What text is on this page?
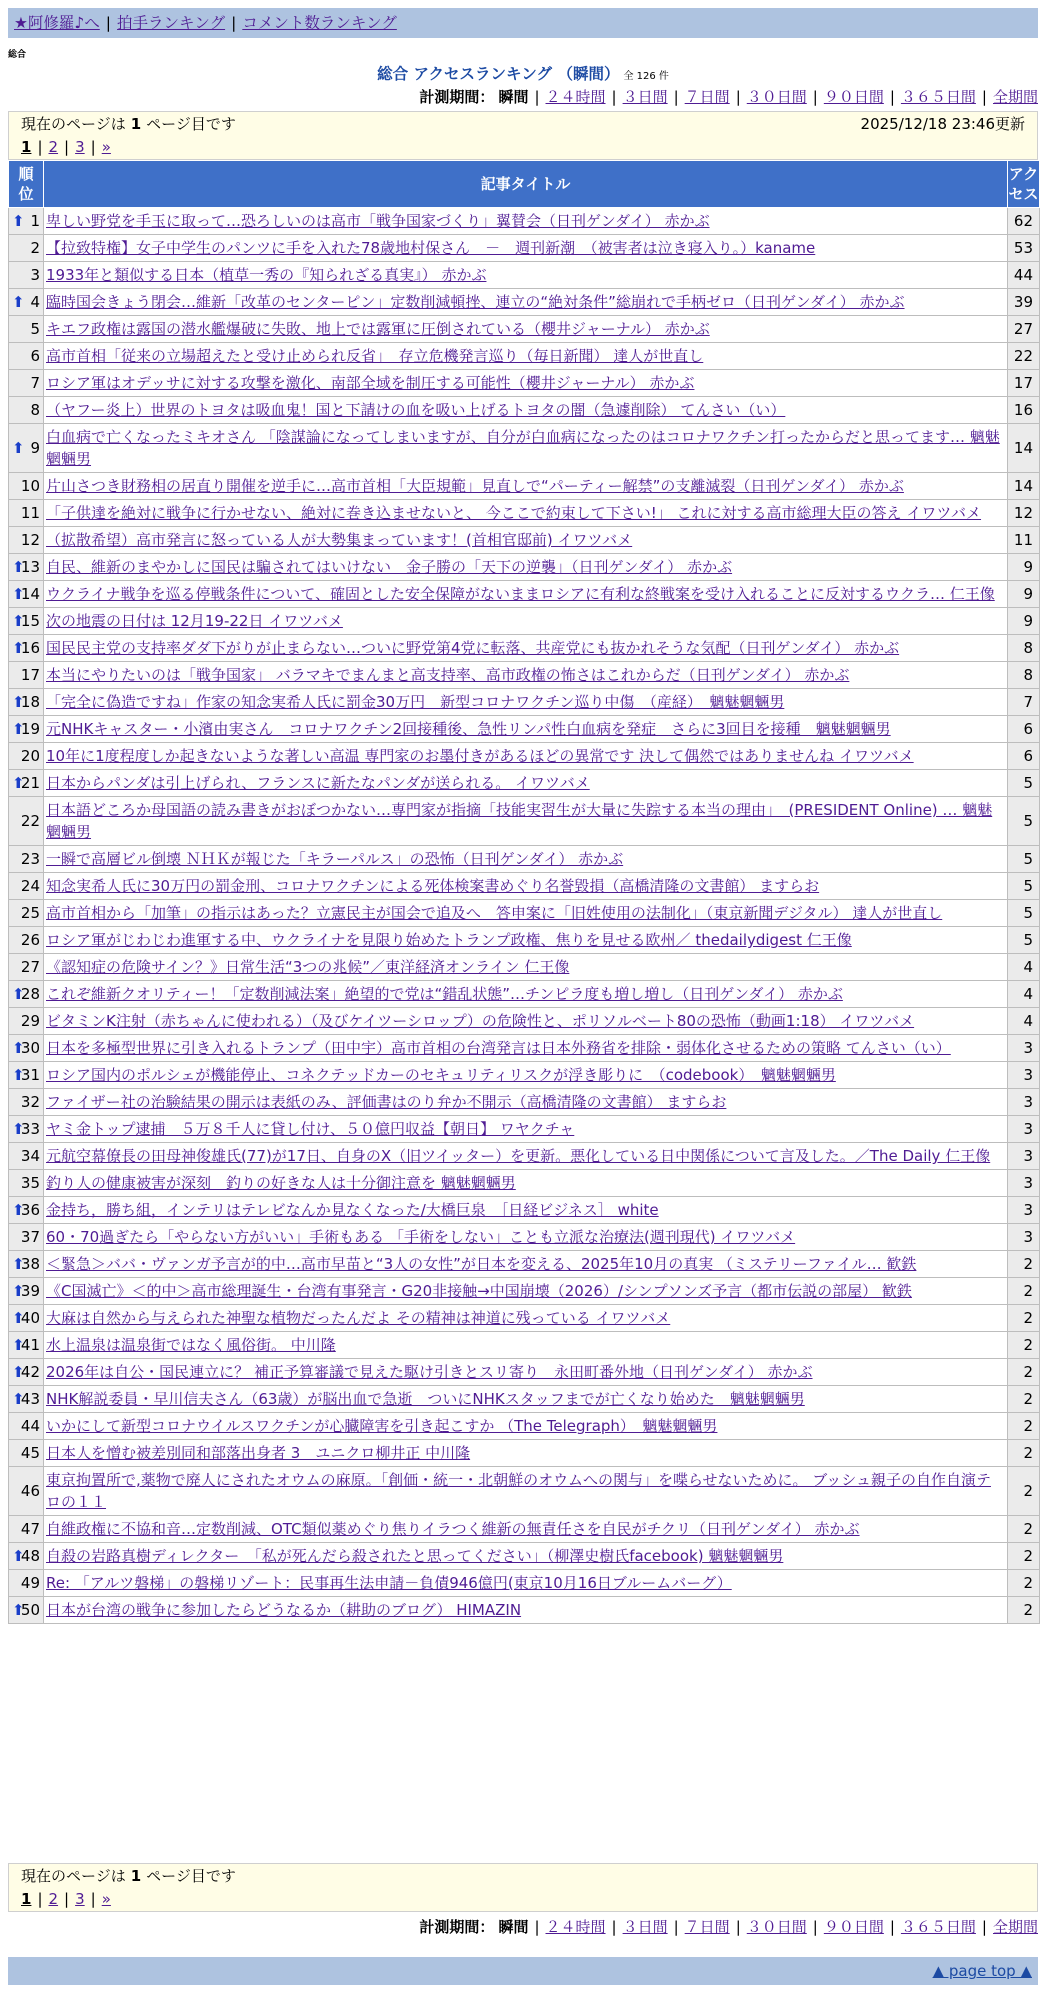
★阿修羅♪へ | 拍手ランキング | コメント数ランキング
総合
総合 アクセスランキング （瞬間） 全 126 件
計測期間： 瞬間 | ２４時間 | ３日間 | ７日間 | ３０日間 | ９０日間 | ３６５日間 | 全期間
現在のページは 1 ページ目です	2025/12/18 23:46更新
1 | 2 | 3 | »
順位	記事タイトル	アクセス

⬆ 1	卑しい野党を手玉に取って…恐ろしいのは高市「戦争国家づくり」翼賛会（日刊ゲンダイ） 赤かぶ	62
2	【拉致特権】女子中学生のパンツに手を入れた78歳地村保さん　－　週刊新潮　（被害者は泣き寝入り。）kaname	53
3	1933年と類似する日本（植草一秀の『知られざる真実』） 赤かぶ	44

⬆ 4	臨時国会きょう閉会…維新「改革のセンターピン」定数削減頓挫、連立の“絶対条件”総崩れで手柄ゼロ（日刊ゲンダイ） 赤かぶ	39
5	キエフ政権は露国の潜水艦爆破に失敗、地上では露軍に圧倒されている（櫻井ジャーナル） 赤かぶ	27
6	高市首相「従来の立場超えたと受け止められ反省」　存立危機発言巡り（毎日新聞） 達人が世直し	22
7	ロシア軍はオデッサに対する攻撃を激化、南部全域を制圧する可能性（櫻井ジャーナル） 赤かぶ	17
8	（ヤフー炎上）世界のトヨタは吸血鬼！国と下請けの血を吸い上げるトヨタの闇（急遽削除） てんさい（い）	16

⬆ 9	白血病で亡くなったミキオさん 「陰謀論になってしまいますが、自分が白血病になったのはコロナワクチン打ったからだと思ってます… 魑魅魍魎男	14
10	片山さつき財務相の居直り開催を逆手に…高市首相「大臣規範」見直しで“パーティー解禁”の支離滅裂（日刊ゲンダイ） 赤かぶ	14
11	「子供達を絶対に戦争に行かせない、絶対に巻き込ませないと、 今ここで約束して下さい!」 これに対する高市総理大臣の答え イワツバメ	12
12	（拡散希望）高市発言に怒っている人が大勢集まっています！(首相官邸前) イワツバメ	11

⬆
13	自民、維新のまやかしに国民は騙されてはいけない　金子勝の「天下の逆襲」（日刊ゲンダイ） 赤かぶ	9

⬆
14	ウクライナ戦争を巡る停戦条件について、確固とした安全保障がないままロシアに有利な終戦案を受け入れることに反対するウクラ… 仁王像	9

⬆
15	次の地震の日付は 12月19-22日 イワツバメ	9

⬆
16	国民民主党の支持率ダダ下がりが止まらない…ついに野党第4党に転落、共産党にも抜かれそうな気配（日刊ゲンダイ） 赤かぶ	8
17	本当にやりたいのは「戦争国家」 バラマキでまんまと高支持率、高市政権の怖さはこれからだ（日刊ゲンダイ） 赤かぶ	8

⬆
18	「完全に偽造ですね」作家の知念実希人氏に罰金30万円　新型コロナワクチン巡り中傷　（産経）　魑魅魍魎男	7

⬆
19	元NHKキャスター・小濱由実さん　コロナワクチン2回接種後、急性リンパ性白血病を発症　さらに3回目を接種　魑魅魍魎男	6
20	10年に1度程度しか起きないような著しい高温 専門家のお墨付きがあるほどの異常です 決して偶然ではありませんね イワツバメ	6

⬆
21	日本からパンダは引上げられ、フランスに新たなパンダが送られる。 イワツバメ	5
22	日本語どころか母国語の読み書きがおぼつかない…専門家が指摘「技能実習生が大量に失踪する本当の理由」　(PRESIDENT Online) … 魑魅魍魎男	5
23	一瞬で高層ビル倒壊 ＮＨＫが報じた「キラーパルス」の恐怖（日刊ゲンダイ） 赤かぶ	5
24	知念実希人氏に30万円の罰金刑、コロナワクチンによる死体検案書めぐり名誉毀損（高橋清隆の文書館） ますらお	5
25	高市首相から「加筆」の指示はあった？立憲民主が国会で追及へ　答申案に「旧姓使用の法制化」（東京新聞デジタル） 達人が世直し	5
26	ロシア軍がじわじわ進軍する中、ウクライナを見限り始めたトランプ政権、焦りを見せる欧州／ thedailydigest 仁王像	5
27	《認知症の危険サイン？》日常生活“3つの兆候”／東洋経済オンライン 仁王像	4

⬆
28	これぞ維新クオリティー！「定数削減法案」絶望的で党は“錯乱状態”…チンピラ度も増し増し（日刊ゲンダイ） 赤かぶ	4
29	ビタミンK注射（赤ちゃんに使われる）（及びケイツーシロップ）の危険性と、ポリソルベート80の恐怖（動画1:18） イワツバメ	4

⬆
30	日本を多極型世界に引き入れるトランプ（田中宇）高市首相の台湾発言は日本外務省を排除・弱体化させるための策略 てんさい（い）	3

⬆
31	ロシア国内のポルシェが機能停止、コネクテッドカーのセキュリティリスクが浮き彫りに　（codebook）　魑魅魍魎男	3
32	ファイザー社の治験結果の開示は表紙のみ、評価書はのり弁か不開示（高橋清隆の文書館） ますらお	3

⬆
33	ヤミ金トップ逮捕　５万８千人に貸し付け、５０億円収益【朝日】 ワヤクチャ	3
34	元航空幕僚長の田母神俊雄氏(77)が17日、自身のX（旧ツイッター）を更新。悪化している日中関係について言及した。／The Daily 仁王像	3
35	釣り人の健康被害が深刻　釣りの好きな人は十分御注意を 魑魅魍魎男	3

⬆
36	金持ち，勝ち組，インテリはテレビなんか見なくなった/大橋巨泉　［日経ビジネス］ white	3
37	60・70過ぎたら「やらない方がいい」手術もある 「手術をしない」ことも立派な治療法(週刊現代) イワツバメ	3

⬆
38	＜緊急＞ババ・ヴァンガ予言が的中…高市早苗と“3人の女性”が日本を変える、2025年10月の真実 （ミステリーファイル… 歓鉄	2

⬆
39	《C国滅亡》＜的中＞高市総理誕生・台湾有事発言・G20非接触→中国崩壊（2026）/シンプソンズ予言（都市伝説の部屋） 歓鉄	2

⬆
40	大麻は自然から与えられた神聖な植物だったんだよ その精神は神道に残っている イワツバメ	2

⬆
41	水上温泉は温泉街ではなく風俗街。 中川隆	2

⬆
42	2026年は自公・国民連立に？ 補正予算審議で見えた駆け引きとスリ寄り　永田町番外地（日刊ゲンダイ） 赤かぶ	2

⬆
43	NHK解説委員・早川信夫さん（63歳）が脳出血で急逝　ついにNHKスタッフまでが亡くなり始めた　魑魅魍魎男	2
44	いかにして新型コロナウイルスワクチンが心臓障害を引き起こすか （The Telegraph）　魑魅魍魎男	2
45	日本人を憎む被差別同和部落出身者 3　ユニクロ柳井正 中川隆	2
46	東京拘置所で,薬物で廃人にされたオウムの麻原。「創価・統一・北朝鮮のオウムへの関与」を喋らせないために。 ブッシュ親子の自作自演テロの１１	2
47	自維政権に不協和音…定数削減、OTC類似薬めぐり焦りイラつく維新の無責任さを自民がチクリ（日刊ゲンダイ） 赤かぶ	2

⬆
48	自殺の岩路真樹ディレクター　「私が死んだら殺されたと思ってください」（柳澤史樹氏facebook) 魑魅魍魎男	2
49	Re: 「アルツ磐梯」の磐梯リゾート：民事再生法申請－負債946億円(東京10月16日ブルームバーグ）	2

⬆
50	日本が台湾の戦争に参加したらどうなるか（耕助のブログ） HIMAZIN	2
現在のページは 1 ページ目です
1 | 2 | 3 | »
計測期間： 瞬間 | ２４時間 | ３日間 | ７日間 | ３０日間 | ９０日間 | ３６５日間 | 全期間
▲ page top ▲
